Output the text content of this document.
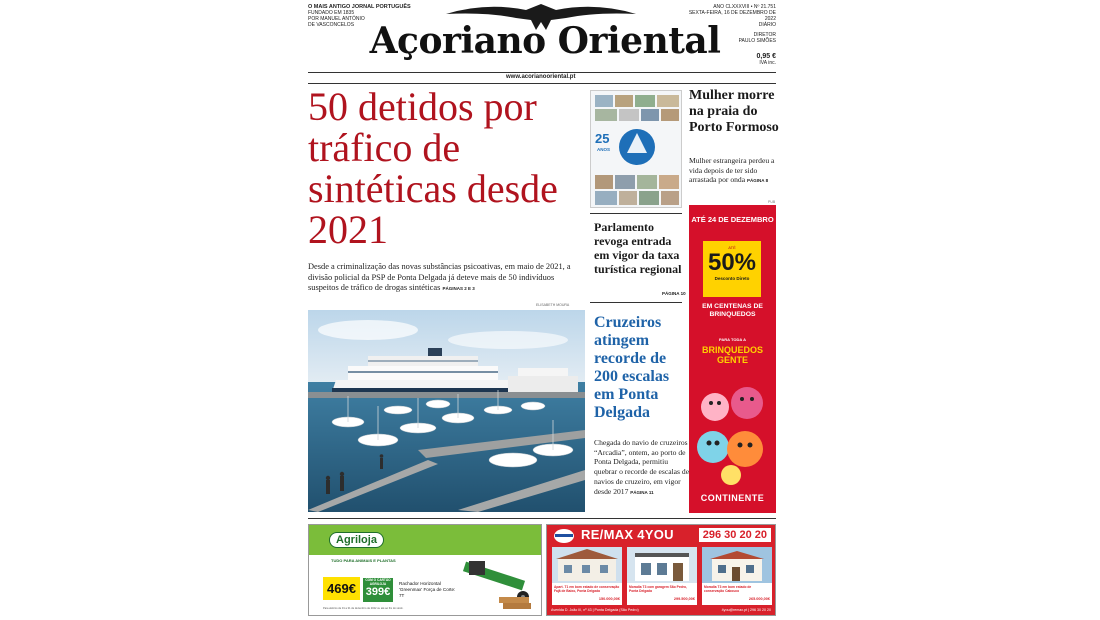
O MAIS ANTIGO JORNAL PORTUGUÊS
FUNDADO EM 1835
POR MANUEL ANTÓNIO
DE VASCONCELOS Açoriano Oriental
ANO CLXXXVIII • Nº 21.751
SEXTA-FEIRA, 16 DE DEZEMBRO DE 2022
DIÁRIO
DIRETOR
PAULO SIMÕES
0,95 €
IVA inc.
www.acorianooriental.pt
50 detidos por tráfico de sintéticas desde 2021

Desde a criminalização das novas substâncias psicoativas, em maio de 2021, a divisão policial da PSP de Ponta Delgada já deteve mais de 50 indivíduos suspeitos de tráfico de drogas sintéticas PÁGINAS 2 E 3

ELISABETH MOURA
25
ANOS
Parlamento revoga entrada em vigor da taxa turística regional
PÁGINA 10
Cruzeiros atingem recorde de 200 escalas em Ponta Delgada

Chegada do navio de cruzeiros “Arcadia”, ontem, ao porto de Ponta Delgada, permitiu quebrar o recorde de escalas de navios de cruzeiro, em vigor desde 2017 PÁGINA 11

Mulher morre na praia do Porto Formoso

Mulher estrangeira perdeu a vida depois de ter sido arrastada por onda PÁGINA 8

PUB
ATÉ 24 DE DEZEMBRO
ATÉ
50%
Desconto Direto
EM CENTENAS DE BRINQUEDOS
PARA TODA A
BRINQUEDOS GENTE
CONTINENTE
Agriloja
TUDO PARA ANIMAIS E PLANTAS
469€
COM O CARTÃO AGRILOJA
399€
Rachador Horizontal 'Greenmax' Força de Corte: 7T
Para elétrico de 01 a 31 de dezembro de 2022 ou até ao fim do stock.
RE/MAX 4YOU	296 30 20 20
Apart. T1 em bom estado de conservação Fajã de Baixo, Ponta Delgada
150.000,00€
Moradia T3 com garagem São Pedro, Ponta Delgada
299.500,00€
Moradia T3 em bom estado de conservação Cabouco
265.000,00€
Avenida D. João III, nº 43 | Ponta Delgada (São Pedro)	4you@remax.pt | 296 30 20 20
